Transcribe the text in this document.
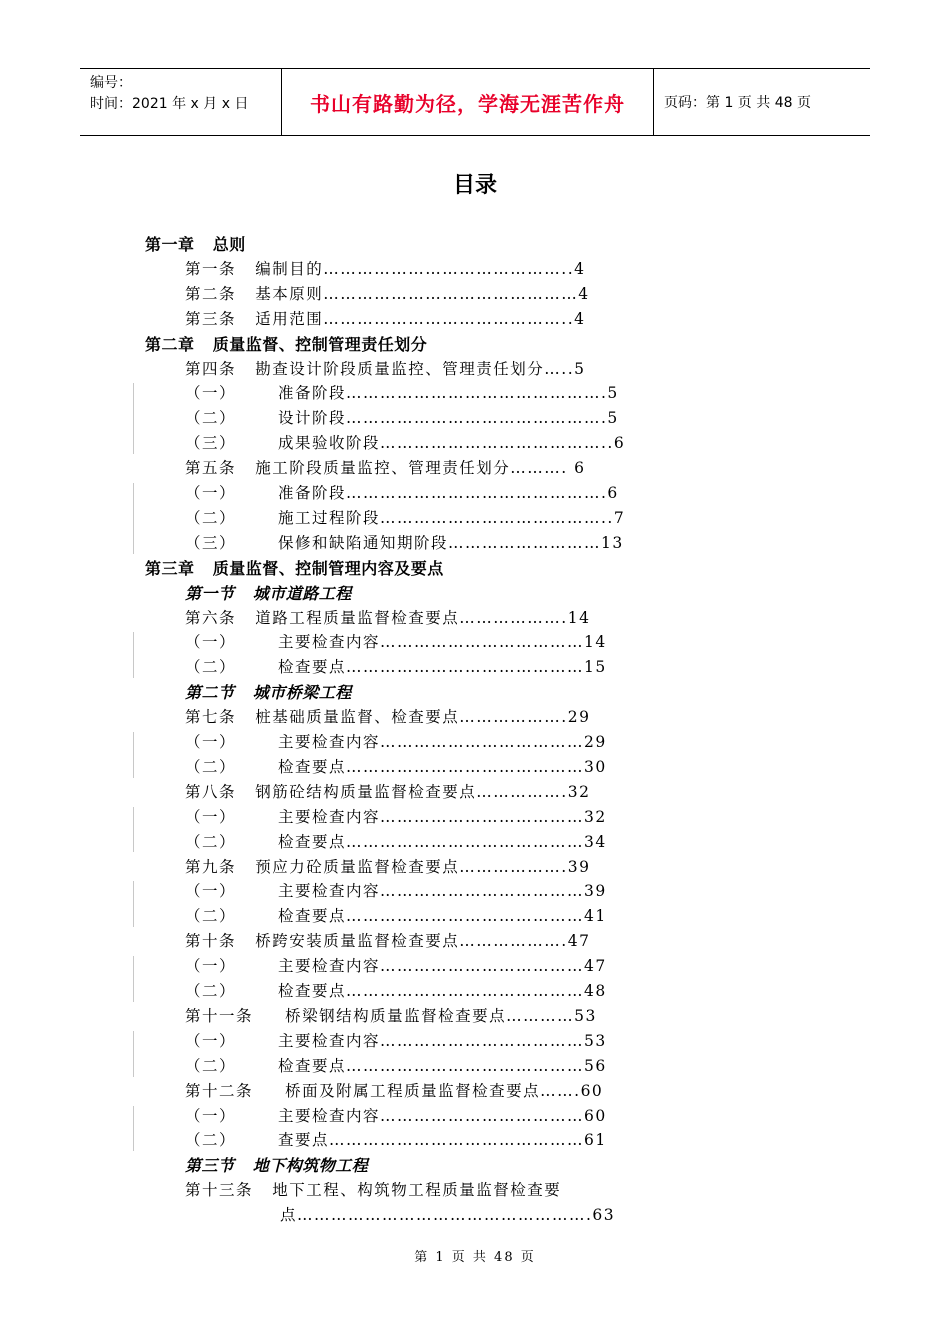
编号：
时间：2021 年 x 月 x 日	书山有路勤为径，学海无涯苦作舟	页码：第 1 页 共 48 页
目录
第一章   总则
第一条   编制目的……………………………………..4
第二条   基本原则………………………………………4
第三条   适用范围……………………………………..4
第二章   质量监督、控制管理责任划分
第四条   勘查设计阶段质量监控、管理责任划分…..5
（一）	准备阶段……………………………………….5
（二）	设计阶段……………………………………….5
（三）	成果验收阶段…………………………………..6
第五条   施工阶段质量监控、管理责任划分………. 6
（一）	准备阶段……………………………………….6
（二）	施工过程阶段…………………………………..7
（三）	保修和缺陷通知期阶段………………………13
第三章   质量监督、控制管理内容及要点
第一节   城市道路工程
第六条   道路工程质量监督检查要点……………….14
（一）	主要检查内容………………………………14
（二）	检查要点……………………………………15
第二节   城市桥梁工程
第七条   桩基础质量监督、检查要点……………….29
（一）	主要检查内容………………………………29
（二）	检查要点……………………………………30
第八条   钢筋砼结构质量监督检查要点…………….32
（一）	主要检查内容………………………………32
（二）	检查要点……………………………………34
第九条   预应力砼质量监督检查要点……………….39
（一）	主要检查内容………………………………39
（二）	检查要点……………………………………41
第十条   桥跨安装质量监督检查要点……………….47
（一）	主要检查内容………………………………47
（二）	检查要点……………………………………48
第十一条     桥梁钢结构质量监督检查要点…………53
（一）	主要检查内容………………………………53
（二）	检查要点……………………………………56
第十二条     桥面及附属工程质量监督检查要点…….60
（一）	主要检查内容………………………………60
（二）	查要点………………………………………61
第三节   地下构筑物工程
第十三条   地下工程、构筑物工程质量监督检查要
点…………………………………………….63
第 1 页 共 48 页
